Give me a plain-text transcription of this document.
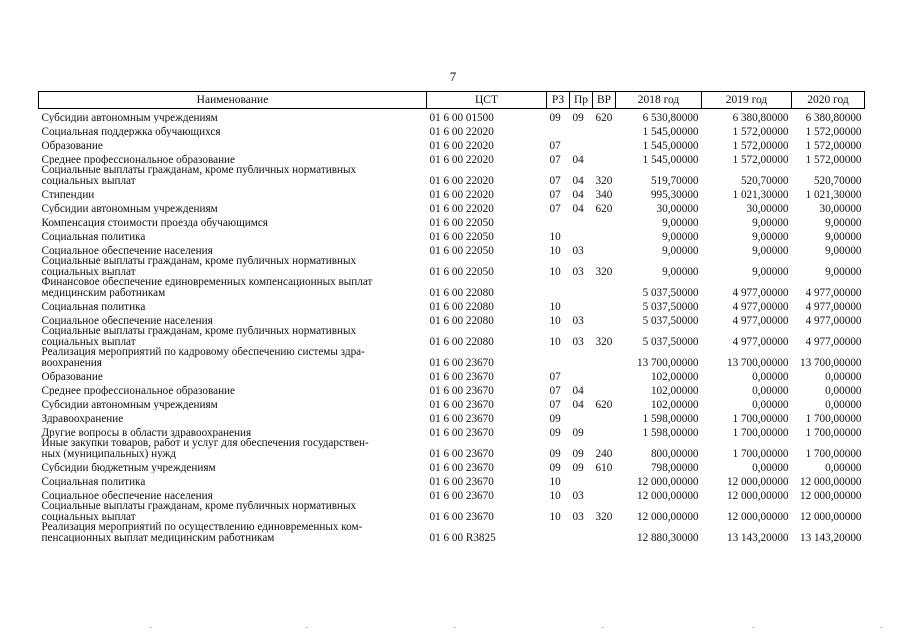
7
Наименование	ЦСТ	РЗ	Пр	ВР	2018 год	2019 год	2020 год

Субсидии автономным учреждениям	01 6 00 01500	09	09	620	6 530,80000	6 380,80000	6 380,80000

Социальная поддержка обучающихся	01 6 00 22020				1 545,00000	1 572,00000	1 572,00000

Образование	01 6 00 22020	07			1 545,00000	1 572,00000	1 572,00000

Среднее профессиональное образование	01 6 00 22020	07	04		1 545,00000	1 572,00000	1 572,00000

Социальные выплаты гражданам, кроме публичных нормативных
социальных выплат	01 6 00 22020	07	04	320	519,70000	520,70000	520,70000

Стипендии	01 6 00 22020	07	04	340	995,30000	1 021,30000	1 021,30000

Субсидии автономным учреждениям	01 6 00 22020	07	04	620	30,00000	30,00000	30,00000

Компенсация стоимости проезда обучающимся	01 6 00 22050				9,00000	9,00000	9,00000

Социальная политика	01 6 00 22050	10			9,00000	9,00000	9,00000

Социальное обеспечение населения	01 6 00 22050	10	03		9,00000	9,00000	9,00000

Социальные выплаты гражданам, кроме публичных нормативных
социальных выплат	01 6 00 22050	10	03	320	9,00000	9,00000	9,00000

Финансовое обеспечение единовременных компенсационных выплат
медицинским работникам	01 6 00 22080				5 037,50000	4 977,00000	4 977,00000

Социальная политика	01 6 00 22080	10			5 037,50000	4 977,00000	4 977,00000

Социальное обеспечение населения	01 6 00 22080	10	03		5 037,50000	4 977,00000	4 977,00000

Социальные выплаты гражданам, кроме публичных нормативных
социальных выплат	01 6 00 22080	10	03	320	5 037,50000	4 977,00000	4 977,00000

Реализация мероприятий по кадровому обеспечению системы здра-
воохранения	01 6 00 23670				13 700,00000	13 700,00000	13 700,00000

Образование	01 6 00 23670	07			102,00000	0,00000	0,00000

Среднее профессиональное образование	01 6 00 23670	07	04		102,00000	0,00000	0,00000

Субсидии автономным учреждениям	01 6 00 23670	07	04	620	102,00000	0,00000	0,00000

Здравоохранение	01 6 00 23670	09			1 598,00000	1 700,00000	1 700,00000

Другие вопросы в области здравоохранения	01 6 00 23670	09	09		1 598,00000	1 700,00000	1 700,00000

Иные закупки товаров, работ и услуг для обеспечения государствен-
ных (муниципальных) нужд	01 6 00 23670	09	09	240	800,00000	1 700,00000	1 700,00000

Субсидии бюджетным учреждениям	01 6 00 23670	09	09	610	798,00000	0,00000	0,00000

Социальная политика	01 6 00 23670	10			12 000,00000	12 000,00000	12 000,00000

Социальное обеспечение населения	01 6 00 23670	10	03		12 000,00000	12 000,00000	12 000,00000

Социальные выплаты гражданам, кроме публичных нормативных
социальных выплат	01 6 00 23670	10	03	320	12 000,00000	12 000,00000	12 000,00000

Реализация мероприятий по осуществлению единовременных ком-
пенсационных выплат медицинским работникам	01 6 00 R3825				12 880,30000	13 143,20000	13 143,20000
